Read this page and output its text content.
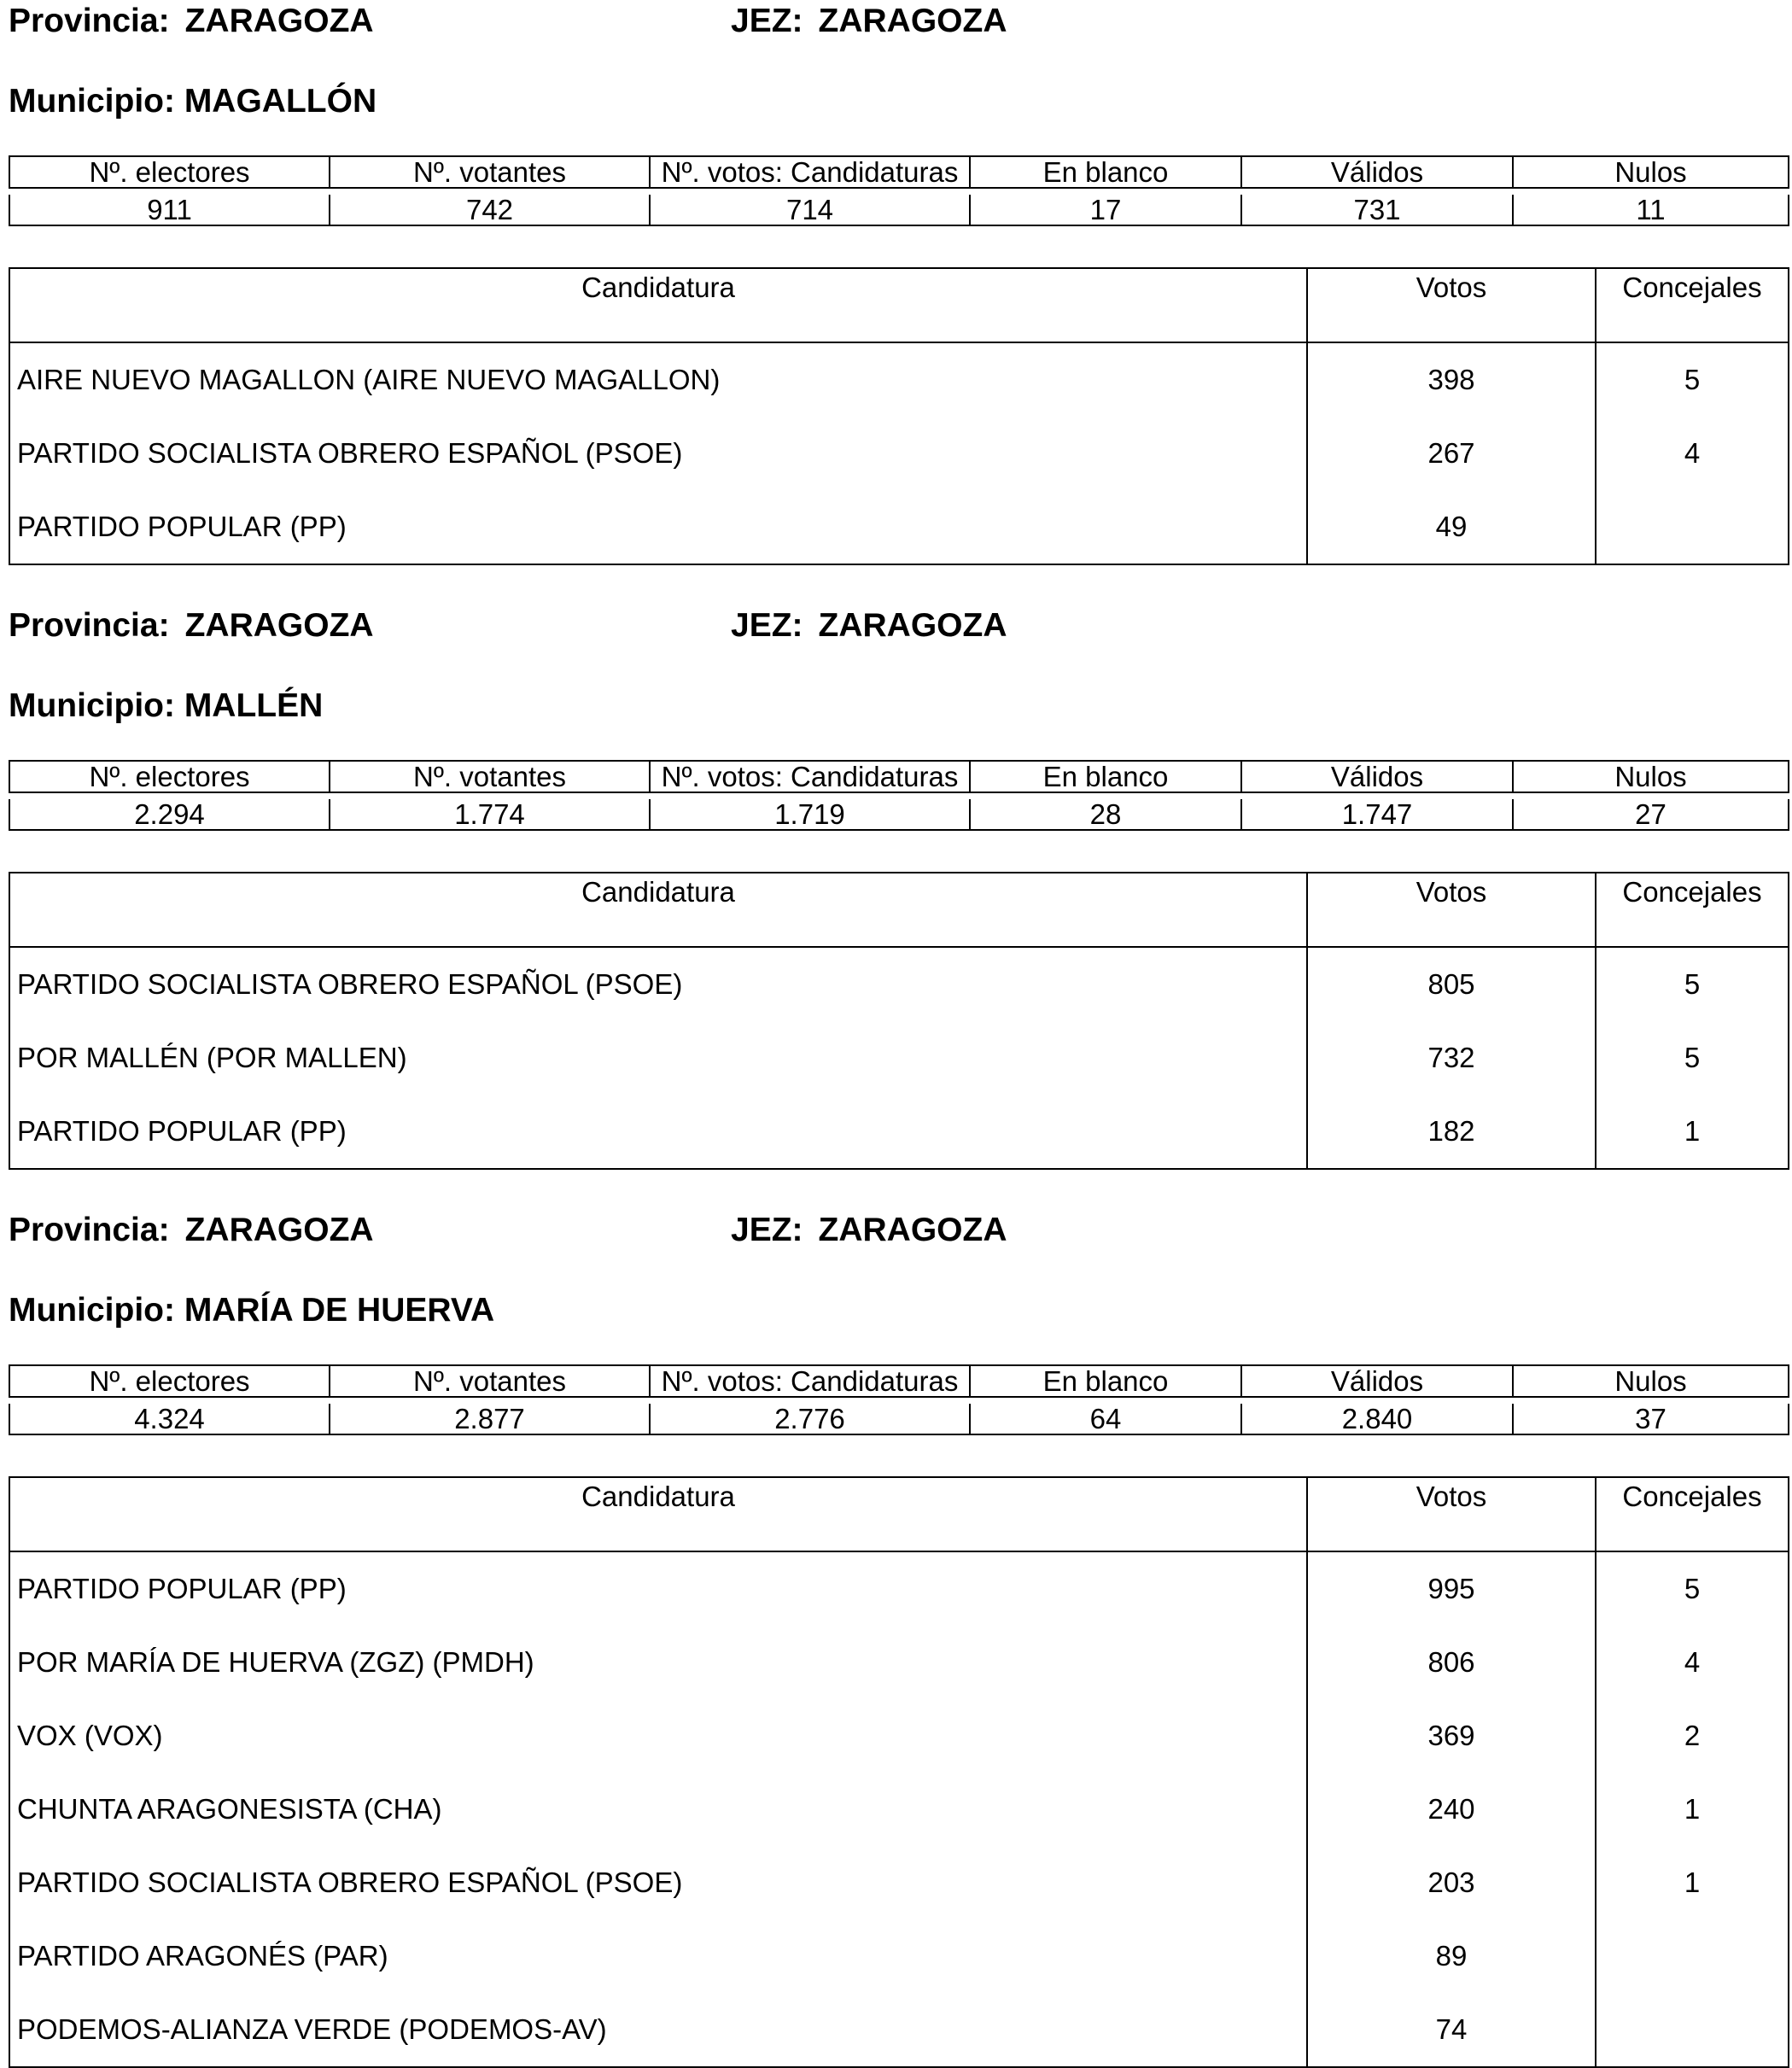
Provincia: ZARAGOZA	JEZ: ZARAGOZA
Municipio: MAGALLÓN
Nº. electores	Nº. votantes	Nº. votos: Candidaturas	En blanco	Válidos	Nulos

911	742	714	17	731	11
Candidatura	Votos	Concejales
AIRE NUEVO MAGALLON (AIRE NUEVO MAGALLON)	398	5
PARTIDO SOCIALISTA OBRERO ESPAÑOL (PSOE)	267	4
PARTIDO POPULAR (PP)	49	
Provincia: ZARAGOZA	JEZ: ZARAGOZA
Municipio: MALLÉN
Nº. electores	Nº. votantes	Nº. votos: Candidaturas	En blanco	Válidos	Nulos

2.294	1.774	1.719	28	1.747	27
Candidatura	Votos	Concejales
PARTIDO SOCIALISTA OBRERO ESPAÑOL (PSOE)	805	5
POR MALLÉN (POR MALLEN)	732	5
PARTIDO POPULAR (PP)	182	1
Provincia: ZARAGOZA	JEZ: ZARAGOZA
Municipio: MARÍA DE HUERVA
Nº. electores	Nº. votantes	Nº. votos: Candidaturas	En blanco	Válidos	Nulos

4.324	2.877	2.776	64	2.840	37
Candidatura	Votos	Concejales
PARTIDO POPULAR (PP)	995	5
POR MARÍA DE HUERVA (ZGZ) (PMDH)	806	4
VOX (VOX)	369	2
CHUNTA ARAGONESISTA (CHA)	240	1
PARTIDO SOCIALISTA OBRERO ESPAÑOL (PSOE)	203	1
PARTIDO ARAGONÉS (PAR)	89	
PODEMOS-ALIANZA VERDE (PODEMOS-AV)	74	
